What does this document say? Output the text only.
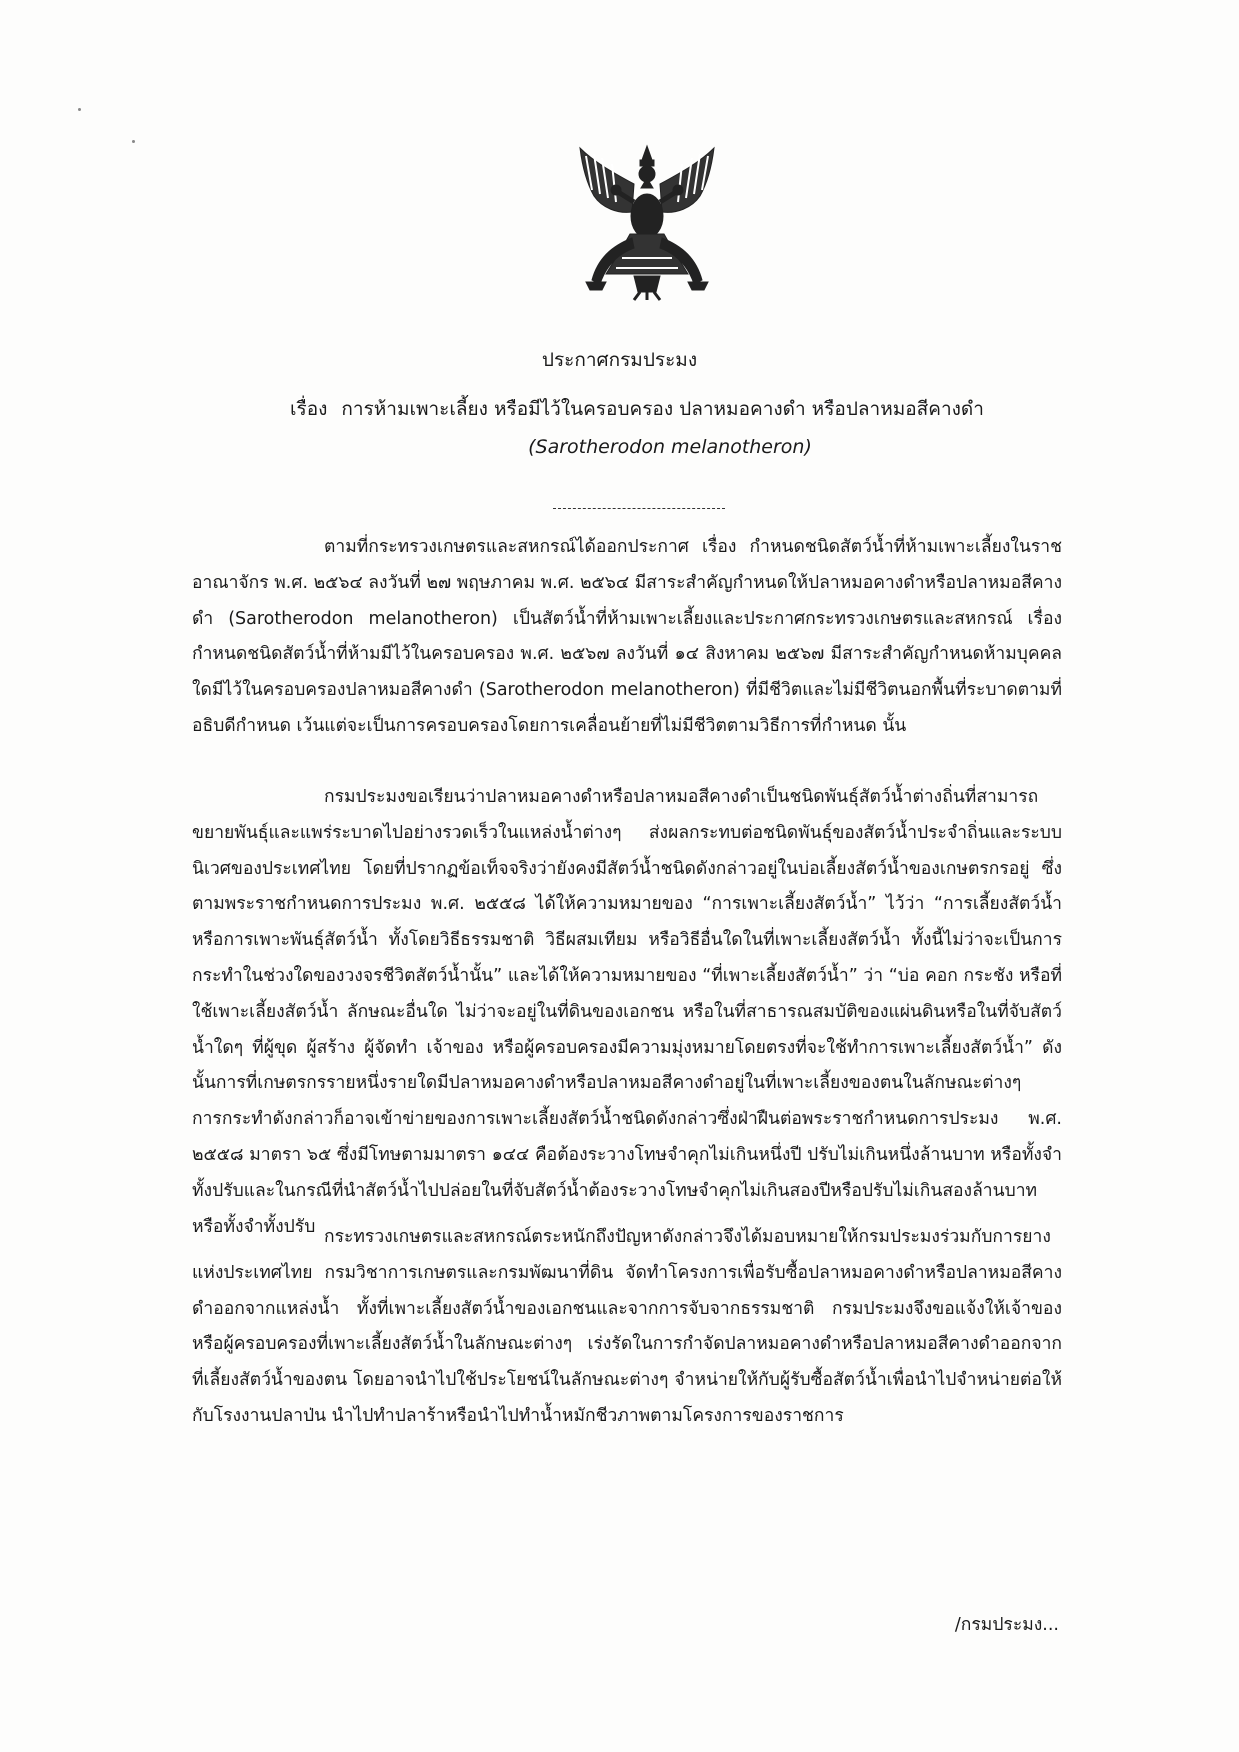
ประกาศกรมประมง
เรื่อง การห้ามเพาะเลี้ยง หรือมีไว้ในครอบครอง ปลาหมอคางดำ หรือปลาหมอสีคางดำ
(Sarotherodon melanotheron)

ตามที่กระทรวงเกษตรและสหกรณ์ได้ออกประกาศ เรื่อง กำหนดชนิดสัตว์น้ำที่ห้ามเพาะเลี้ยงในราชอาณาจักร พ.ศ. ๒๕๖๔ ลงวันที่ ๒๗ พฤษภาคม พ.ศ. ๒๕๖๔ มีสาระสำคัญกำหนดให้ปลาหมอคางดำหรือปลาหมอสีคางดำ (Sarotherodon melanotheron) เป็นสัตว์น้ำที่ห้ามเพาะเลี้ยงและประกาศกระทรวงเกษตรและสหกรณ์ เรื่อง กำหนดชนิดสัตว์น้ำที่ห้ามมีไว้ในครอบครอง พ.ศ. ๒๕๖๗ ลงวันที่ ๑๔ สิงหาคม ๒๕๖๗ มีสาระสำคัญกำหนดห้ามบุคคลใดมีไว้ในครอบครองปลาหมอสีคางดำ (Sarotherodon melanotheron) ที่มีชีวิตและไม่มีชีวิตนอกพื้นที่ระบาดตามที่อธิบดีกำหนด เว้นแต่จะเป็นการครอบครองโดยการเคลื่อนย้ายที่ไม่มีชีวิตตามวิธีการที่กำหนด นั้น

กรมประมงขอเรียนว่าปลาหมอคางดำหรือปลาหมอสีคางดำเป็นชนิดพันธุ์สัตว์น้ำต่างถิ่นที่สามารถขยายพันธุ์และแพร่ระบาดไปอย่างรวดเร็วในแหล่งน้ำต่างๆ ส่งผลกระทบต่อชนิดพันธุ์ของสัตว์น้ำประจำถิ่นและระบบนิเวศของประเทศไทย โดยที่ปรากฏข้อเท็จจริงว่ายังคงมีสัตว์น้ำชนิดดังกล่าวอยู่ในบ่อเลี้ยงสัตว์น้ำของเกษตรกรอยู่ ซึ่งตามพระราชกำหนดการประมง พ.ศ. ๒๕๕๘ ได้ให้ความหมายของ “การเพาะเลี้ยงสัตว์น้ำ” ไว้ว่า “การเลี้ยงสัตว์น้ำหรือการเพาะพันธุ์สัตว์น้ำ ทั้งโดยวิธีธรรมชาติ วิธีผสมเทียม หรือวิธีอื่นใดในที่เพาะเลี้ยงสัตว์น้ำ ทั้งนี้ไม่ว่าจะเป็นการกระทำในช่วงใดของวงจรชีวิตสัตว์น้ำนั้น” และได้ให้ความหมายของ “ที่เพาะเลี้ยงสัตว์น้ำ” ว่า “บ่อ คอก กระชัง หรือที่ใช้เพาะเลี้ยงสัตว์น้ำ ลักษณะอื่นใด ไม่ว่าจะอยู่ในที่ดินของเอกชน หรือในที่สาธารณสมบัติของแผ่นดินหรือในที่จับสัตว์น้ำใดๆ ที่ผู้ขุด ผู้สร้าง ผู้จัดทำ เจ้าของ หรือผู้ครอบครองมีความมุ่งหมายโดยตรงที่จะใช้ทำการเพาะเลี้ยงสัตว์น้ำ” ดังนั้นการที่เกษตรกรรายหนึ่งรายใดมีปลาหมอคางดำหรือปลาหมอสีคางดำอยู่ในที่เพาะเลี้ยงของตนในลักษณะต่างๆ การกระทำดังกล่าวก็อาจเข้าข่ายของการเพาะเลี้ยงสัตว์น้ำชนิดดังกล่าวซึ่งฝ่าฝืนต่อพระราชกำหนดการประมง พ.ศ. ๒๕๕๘ มาตรา ๖๕ ซึ่งมีโทษตามมาตรา ๑๔๔ คือต้องระวางโทษจำคุกไม่เกินหนึ่งปี ปรับไม่เกินหนึ่งล้านบาท หรือทั้งจำทั้งปรับและในกรณีที่นำสัตว์น้ำไปปล่อยในที่จับสัตว์น้ำต้องระวางโทษจำคุกไม่เกินสองปีหรือปรับไม่เกินสองล้านบาท หรือทั้งจำทั้งปรับ

กระทรวงเกษตรและสหกรณ์ตระหนักถึงปัญหาดังกล่าวจึงได้มอบหมายให้กรมประมงร่วมกับการยางแห่งประเทศไทย กรมวิชาการเกษตรและกรมพัฒนาที่ดิน จัดทำโครงการเพื่อรับซื้อปลาหมอคางดำหรือปลาหมอสีคางดำออกจากแหล่งน้ำ ทั้งที่เพาะเลี้ยงสัตว์น้ำของเอกชนและจากการจับจากธรรมชาติ กรมประมงจึงขอแจ้งให้เจ้าของหรือผู้ครอบครองที่เพาะเลี้ยงสัตว์น้ำในลักษณะต่างๆ เร่งรัดในการกำจัดปลาหมอคางดำหรือปลาหมอสีคางดำออกจากที่เลี้ยงสัตว์น้ำของตน โดยอาจนำไปใช้ประโยชน์ในลักษณะต่างๆ จำหน่ายให้กับผู้รับซื้อสัตว์น้ำเพื่อนำไปจำหน่ายต่อให้กับโรงงานปลาป่น นำไปทำปลาร้าหรือนำไปทำน้ำหมักชีวภาพตามโครงการของราชการ

/กรมประมง...
